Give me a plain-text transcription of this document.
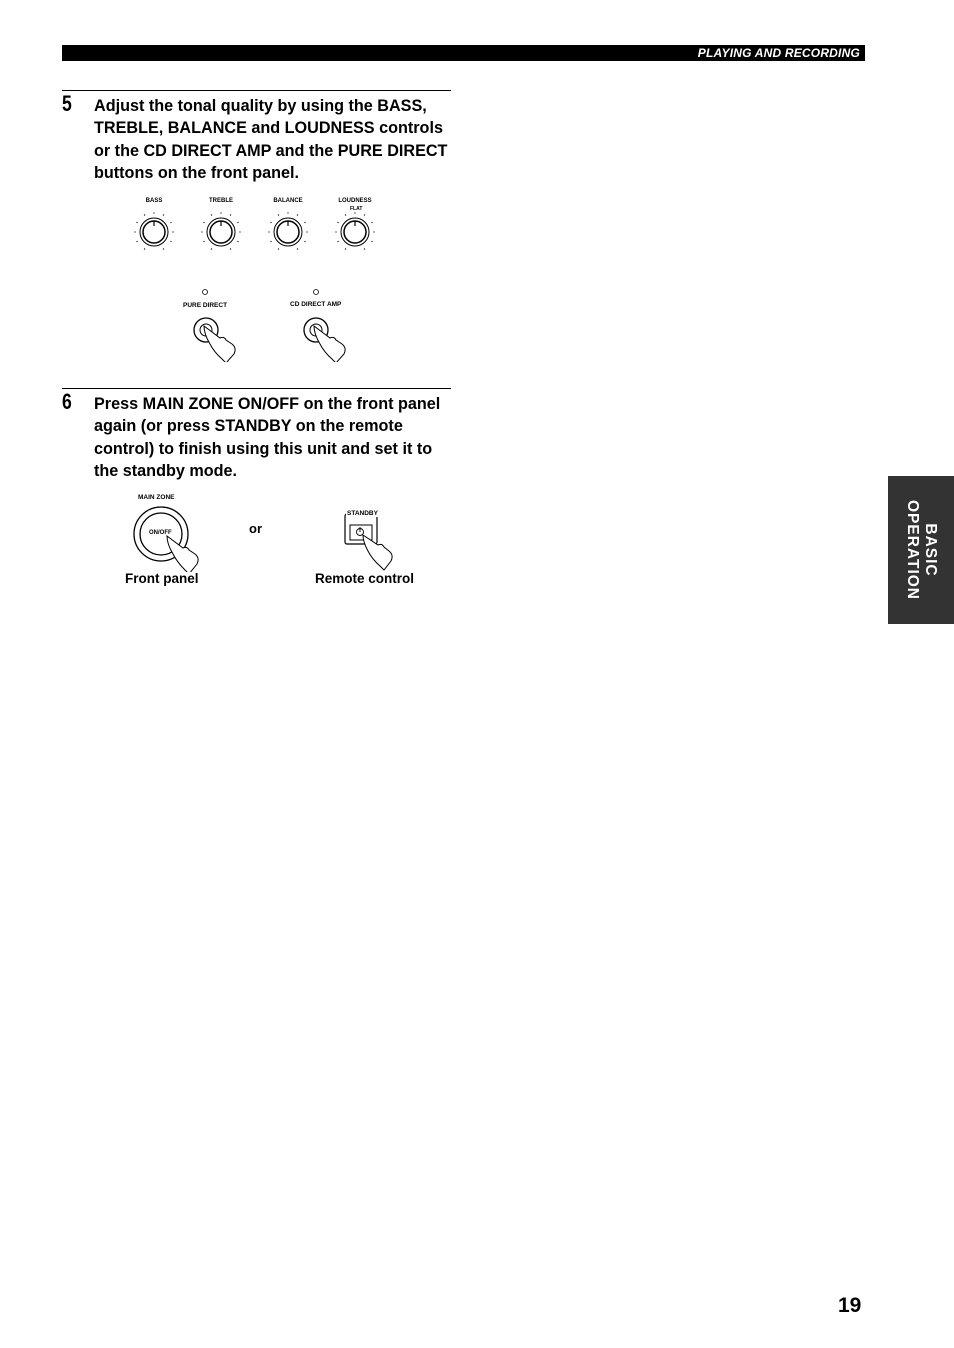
PLAYING AND RECORDING
5 Adjust the tonal quality by using the BASS, TREBLE, BALANCE and LOUDNESS controls or the CD DIRECT AMP and the PURE DIRECT buttons on the front panel.
BASS	TREBLE	BALANCE	LOUDNESS
FLAT
PURE DIRECT	CD DIRECT AMP
6 Press MAIN ZONE ON/OFF on the front panel again (or press STANDBY on the remote control) to finish using this unit and set it to the standby mode.
MAIN ZONE
ON/OFF
STANDBY
or
Front panel	Remote control
BASIC
OPERATION
19
